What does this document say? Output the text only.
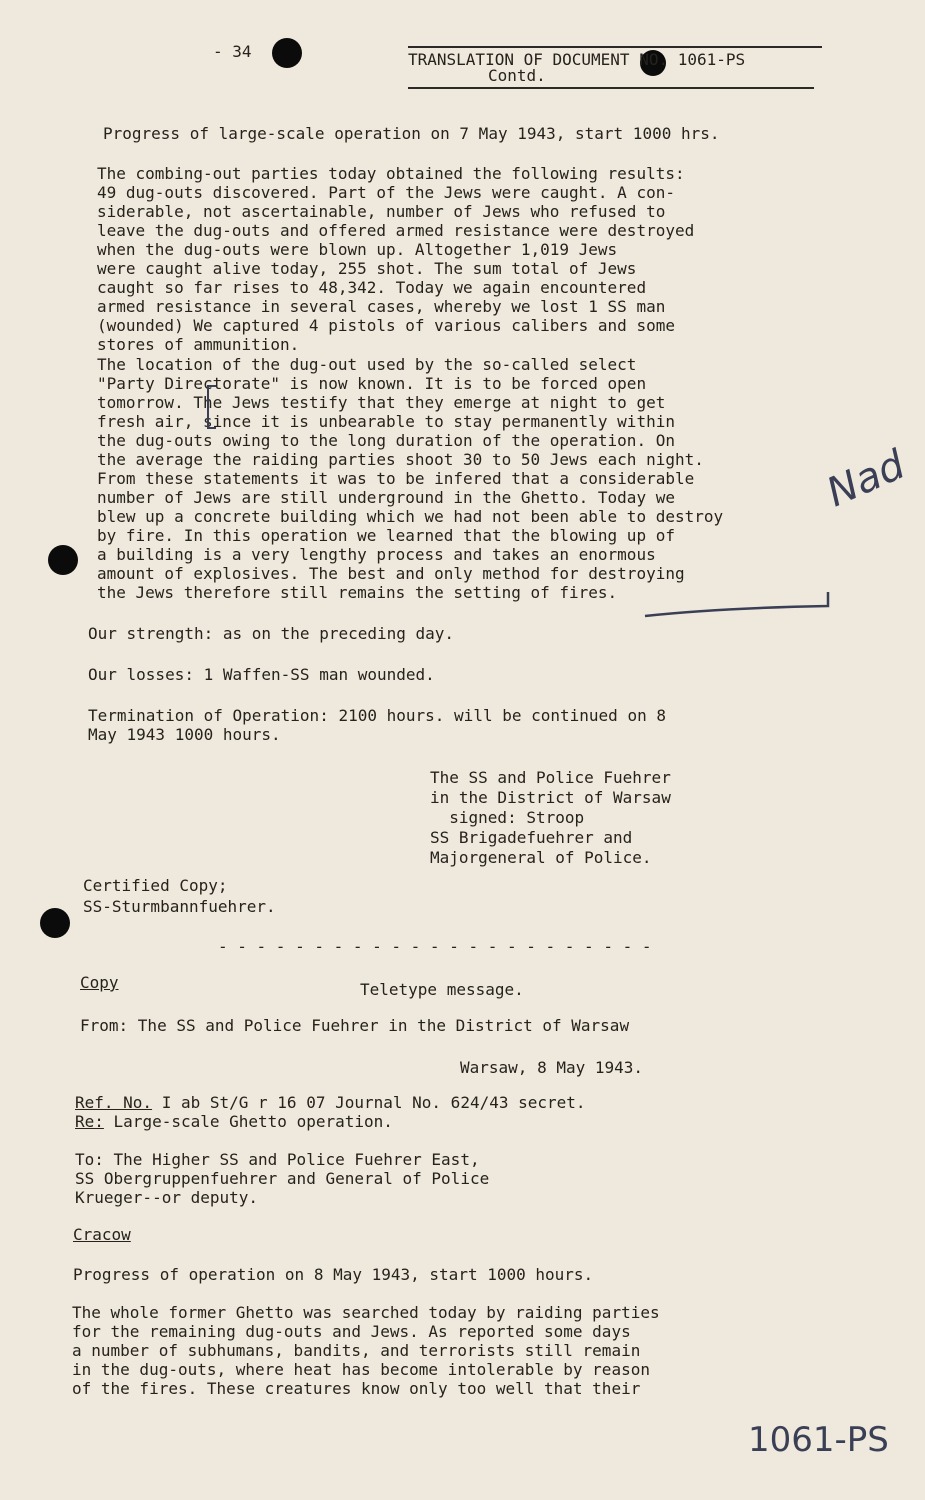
- 34	TRANSLATION OF DOCUMENT NO. 1061-PS
Contd.
Progress of large-scale operation on 7 May 1943, start 1000 hrs.
The combing-out parties today obtained the following results:
49 dug-outs discovered. Part of the Jews were caught. A con-
siderable, not ascertainable, number of Jews who refused to
leave the dug-outs and offered armed resistance were destroyed
when the dug-outs were blown up. Altogether 1,019 Jews
were caught alive today, 255 shot. The sum total of Jews
caught so far rises to 48,342. Today we again encountered
armed resistance in several cases, whereby we lost 1 SS man
(wounded) We captured 4 pistols of various calibers and some
stores of ammunition.
The location of the dug-out used by the so-called select
"Party Directorate" is now known. It is to be forced open
tomorrow. The Jews testify that they emerge at night to get
fresh air, since it is unbearable to stay permanently within
the dug-outs owing to the long duration of the operation. On
the average the raiding parties shoot 30 to 50 Jews each night.
From these statements it was to be infered that a considerable
number of Jews are still underground in the Ghetto. Today we
blew up a concrete building which we had not been able to destroy
by fire. In this operation we learned that the blowing up of
a building is a very lengthy process and takes an enormous
amount of explosives. The best and only method for destroying
the Jews therefore still remains the setting of fires.
Nad
Our strength: as on the preceding day.
Our losses: 1 Waffen-SS man wounded.
Termination of Operation: 2100 hours. will be continued on 8
May 1943 1000 hours.
The SS and Police Fuehrer
in the District of Warsaw
signed: Stroop
SS Brigadefuehrer and
Majorgeneral of Police.
Certified Copy;
SS-Sturmbannfuehrer.
- - - - - - - - - - - - - - - - - - - - - - -
Copy	Teletype message.
From: The SS and Police Fuehrer in the District of Warsaw
Warsaw, 8 May 1943.
Ref. No. I ab St/G r 16 07 Journal No. 624/43 secret.
Re: Large-scale Ghetto operation.
To: The Higher SS and Police Fuehrer East,
SS Obergruppenfuehrer and General of Police
Krueger--or deputy.
Cracow
Progress of operation on 8 May 1943, start 1000 hours.
The whole former Ghetto was searched today by raiding parties
for the remaining dug-outs and Jews. As reported some days
a number of subhumans, bandits, and terrorists still remain
in the dug-outs, where heat has become intolerable by reason
of the fires. These creatures know only too well that their
1061-PS
